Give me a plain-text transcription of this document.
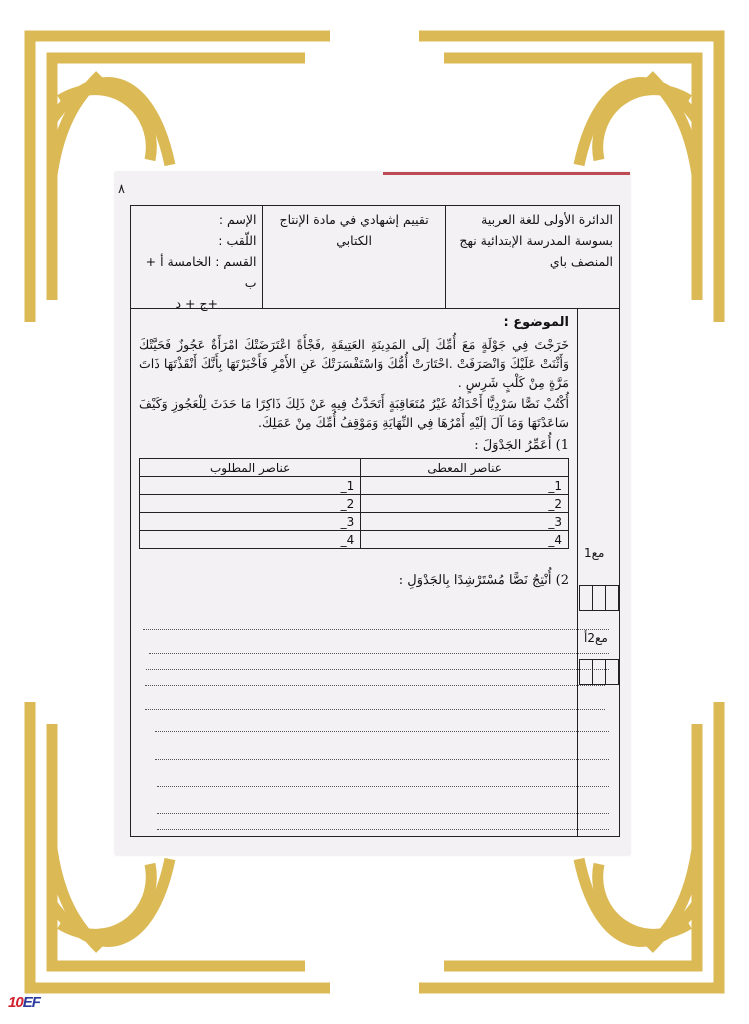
٨
الدائرة الأولى للغة العربية بسوسة المدرسة الإبتدائية نهج المنصف باي
تقييم إشهادي في مادة الإنتاج الكتابي
الإسم :
اللّقب :
القسم : الخامسة أ + ب
+ج + د
الموضوع :

خَرَجْتَ فِي جَوْلَةٍ مَعَ أُمِّكَ إلَى المَدِينَةِ العَتِيقَةِ ,فَجْأَةً اعْتَرَضَتْكَ امْرَأَةٌ عَجُوزٌ فَحَيَّتْكَ وَأَثْنَتْ عَلَيْكَ وَانْصَرَفَتْ .احْتَارَتْ أُمُّكَ وَاسْتَفْسَرَتْكَ عَنِ الأَمْرِ فَأَخْبَرْتَهَا بِأَنَّكَ أَنْقَذْتَهَا ذَاتَ مَرَّةٍ مِنْ كَلْبٍ شَرِسٍ .

أُكْتُبْ نَصًّا سَرْدِيًّا أَحْدَاثُهُ غَيْرُ مُتَعَاقِبَةٍ أَتَحَدَّثُ فِيهِ عَنْ ذَلِكَ ذَاكِرًا مَا حَدَثَ لِلْعَجُوزِ وَكَيْفَ سَاعَدْتَهَا وَمَا آلَ إلَيْهِ أَمْرُهَا فِي النِّهَايَةِ وَمَوْقِفُ أُمِّكَ مِنْ عَمَلِكَ.

1) أُعَمِّرُ الجَدْوَلَ :
عناصر المعطى	عناصر المطلوب
1_	1_
2_	2_
3_	3_
4_	4_
2) أُنْتِجُ نَصًّا مُسْتَرْشِدًا بِالجَدْوَلِ :
مع1
مع2أ
10EF
